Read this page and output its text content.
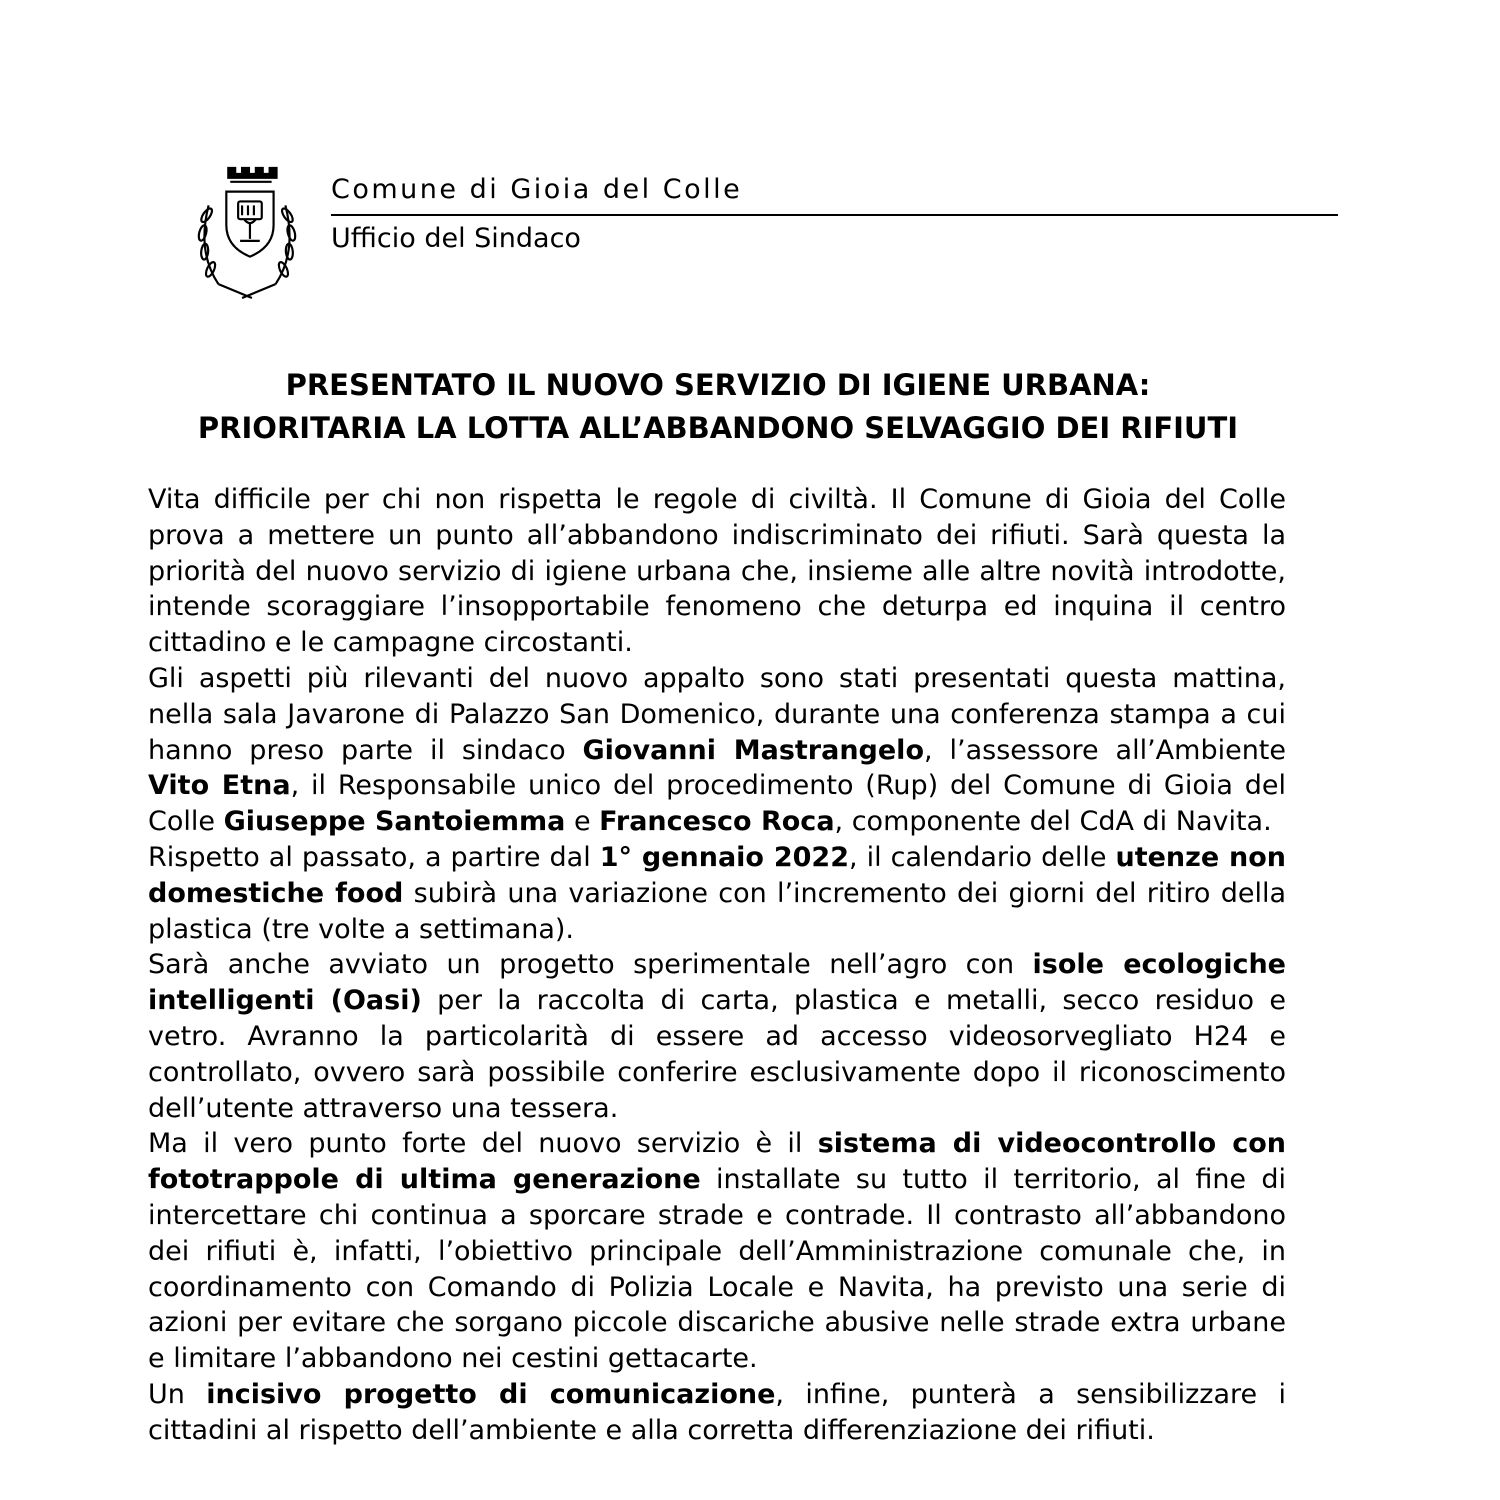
Comune di Gioia del Colle
Ufficio del Sindaco
PRESENTATO IL NUOVO SERVIZIO DI IGIENE URBANA:
PRIORITARIA LA LOTTA ALL’ABBANDONO SELVAGGIO DEI RIFIUTI

Vita difficile per chi non rispetta le regole di civiltà. Il Comune di Gioia del Colle prova a mettere un punto all’abbandono indiscriminato dei rifiuti. Sarà questa la priorità del nuovo servizio di igiene urbana che, insieme alle altre novità introdotte, intende scoraggiare l’insopportabile fenomeno che deturpa ed inquina il centro cittadino e le campagne circostanti.

Gli aspetti più rilevanti del nuovo appalto sono stati presentati questa mattina, nella sala Javarone di Palazzo San Domenico, durante una conferenza stampa a cui hanno preso parte il sindaco Giovanni Mastrangelo, l’assessore all’Ambiente Vito Etna, il Responsabile unico del procedimento (Rup) del Comune di Gioia del Colle Giuseppe Santoiemma e Francesco Roca, componente del CdA di Navita.

Rispetto al passato, a partire dal 1° gennaio 2022, il calendario delle utenze non domestiche food subirà una variazione con l’incremento dei giorni del ritiro della plastica (tre volte a settimana).

Sarà anche avviato un progetto sperimentale nell’agro con isole ecologiche intelligenti (Oasi) per la raccolta di carta, plastica e metalli, secco residuo e vetro. Avranno la particolarità di essere ad accesso videosorvegliato H24 e controllato, ovvero sarà possibile conferire esclusivamente dopo il riconoscimento dell’utente attraverso una tessera.

Ma il vero punto forte del nuovo servizio è il sistema di videocontrollo con fototrappole di ultima generazione installate su tutto il territorio, al fine di intercettare chi continua a sporcare strade e contrade. Il contrasto all’abbandono dei rifiuti è, infatti, l’obiettivo principale dell’Amministrazione comunale che, in coordinamento con Comando di Polizia Locale e Navita, ha previsto una serie di azioni per evitare che sorgano piccole discariche abusive nelle strade extra urbane e limitare l’abbandono nei cestini gettacarte.

Un incisivo progetto di comunicazione, infine, punterà a sensibilizzare i cittadini al rispetto dell’ambiente e alla corretta differenziazione dei rifiuti.
